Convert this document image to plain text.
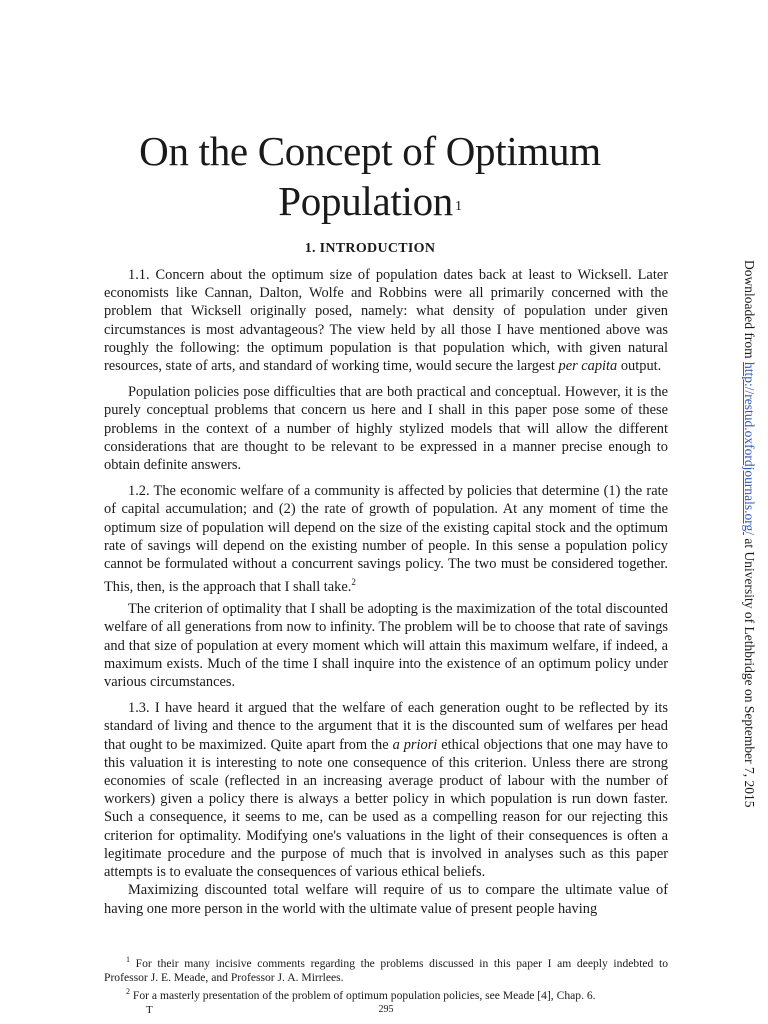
On the Concept of Optimum
Population $^1$
1. INTRODUCTION

1.1. Concern about the optimum size of population dates back at least to Wicksell. Later economists like Cannan, Dalton, Wolfe and Robbins were all primarily concerned with the problem that Wicksell originally posed, namely: what density of population under given circumstances is most advantageous? The view held by all those I have mentioned above was roughly the following: the optimum population is that population which, with given natural resources, state of arts, and standard of working time, would secure the largest per capita output.

Population policies pose difficulties that are both practical and conceptual. However, it is the purely conceptual problems that concern us here and I shall in this paper pose some of these problems in the context of a number of highly stylized models that will allow the different considerations that are thought to be relevant to be expressed in a manner precise enough to obtain definite answers.

1.2. The economic welfare of a community is affected by policies that determine (1) the rate of capital accumulation; and (2) the rate of growth of population. At any moment of time the optimum size of population will depend on the size of the existing capital stock and the optimum rate of savings will depend on the existing number of people. In this sense a population policy cannot be formulated without a concurrent savings policy. The two must be considered together. This, then, is the approach that I shall take.$^2$

The criterion of optimality that I shall be adopting is the maximization of the total discounted welfare of all generations from now to infinity. The problem will be to choose that rate of savings and that size of population at every moment which will attain this maximum welfare, if indeed, a maximum exists. Much of the time I shall inquire into the existence of an optimum policy under various circumstances.

1.3. I have heard it argued that the welfare of each generation ought to be reflected by its standard of living and thence to the argument that it is the discounted sum of welfares per head that ought to be maximized. Quite apart from the a priori ethical objections that one may have to this valuation it is interesting to note one consequence of this criterion. Unless there are strong economies of scale (reflected in an increasing average product of labour with the number of workers) given a policy there is always a better policy in which population is run down faster. Such a consequence, it seems to me, can be used as a compelling reason for our rejecting this criterion for optimality. Modifying one's valuations in the light of their consequences is often a legitimate procedure and the purpose of much that is involved in analyses such as this paper attempts is to evaluate the consequences of various ethical beliefs.

Maximizing discounted total welfare will require of us to compare the ultimate value of having one more person in the world with the ultimate value of present people having

$^1$ For their many incisive comments regarding the problems discussed in this paper I am deeply indebted to Professor J. E. Meade, and Professor J. A. Mirrlees.

$^2$ For a masterly presentation of the problem of optimum population policies, see Meade [4], Chap. 6.

T	295
Downloaded from http://restud.oxfordjournals.org/ at University of Lethbridge on September 7, 2015
